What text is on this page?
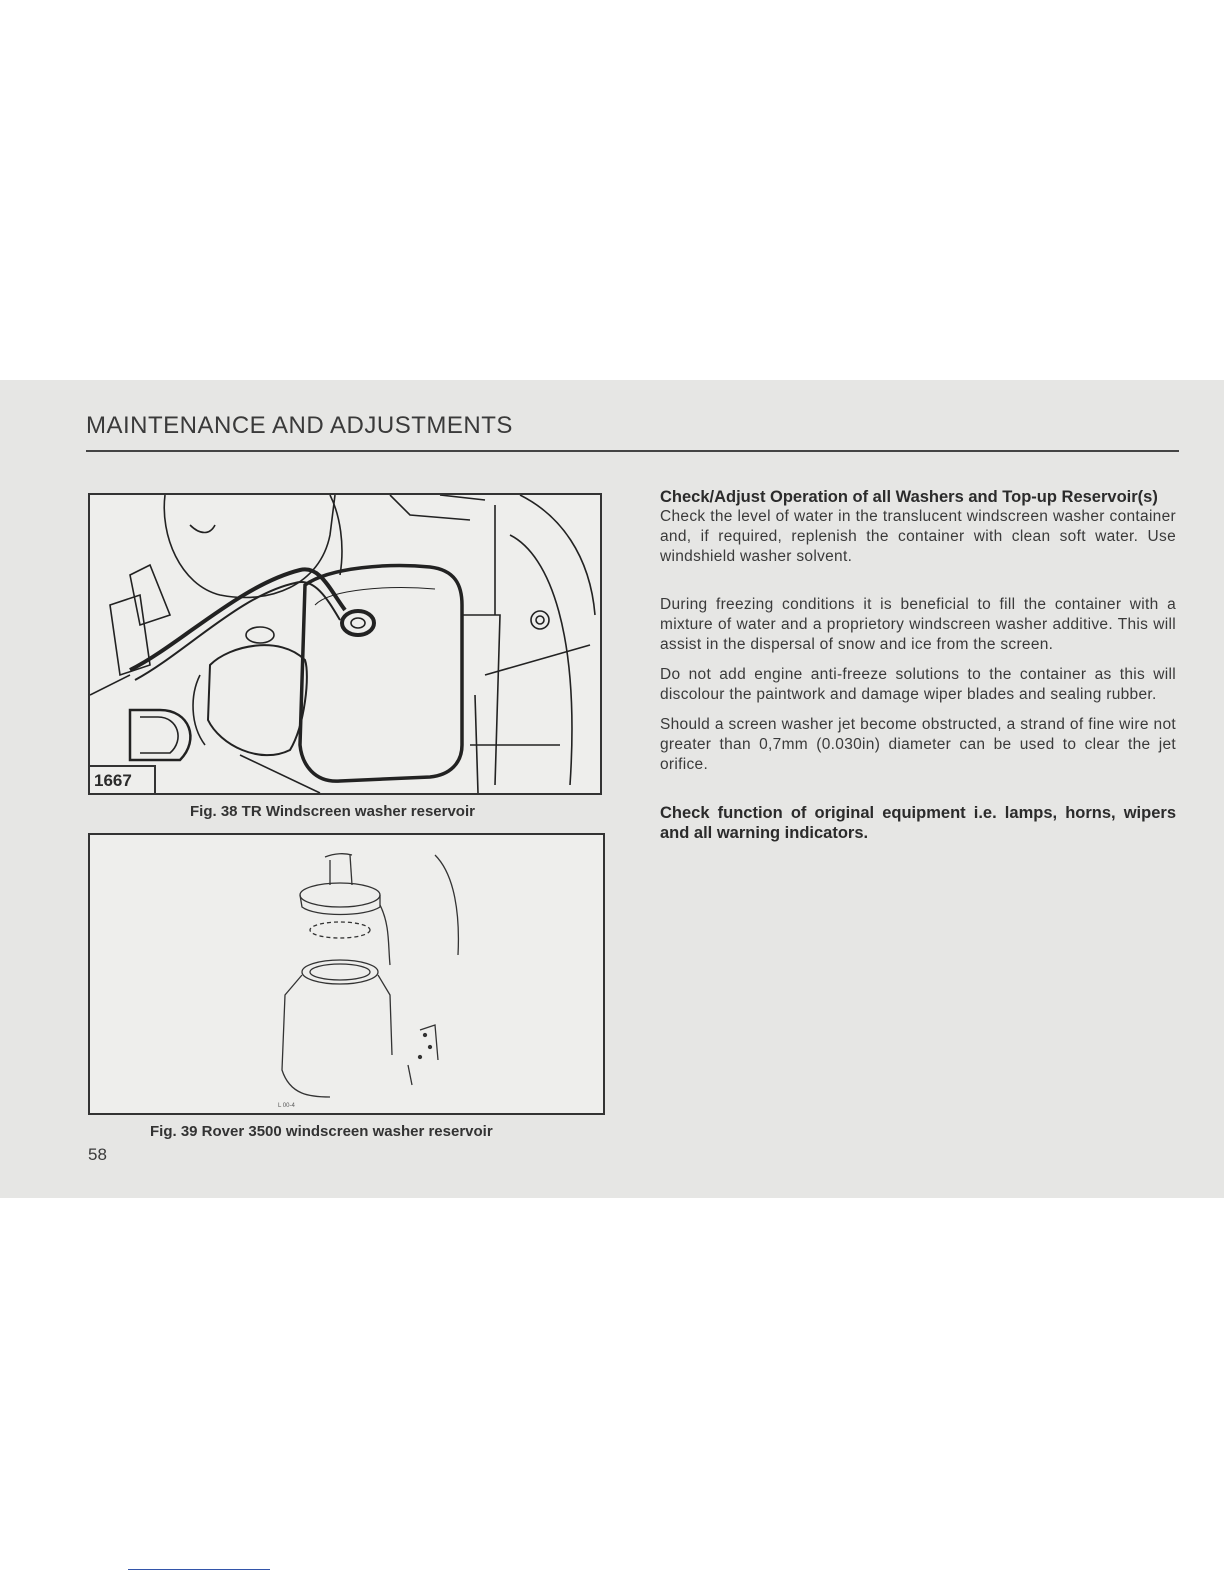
MAINTENANCE AND ADJUSTMENTS
1667

Fig. 38 TR Windscreen washer reservoir

L 00-4

Fig. 39 Rover 3500 windscreen washer reservoir

58
Check/Adjust Operation of all Washers and Top-up Reservoir(s)

Check the level of water in the translucent windscreen washer container and, if required, replenish the container with clean soft water. Use windshield washer solvent.

During freezing conditions it is beneficial to fill the container with a mixture of water and a proprietory windscreen washer additive. This will assist in the dispersal of snow and ice from the screen.

Do not add engine anti-freeze solutions to the container as this will discolour the paintwork and damage wiper blades and sealing rubber.

Should a screen washer jet become obstructed, a strand of fine wire not greater than 0,7mm (0.030in) diameter can be used to clear the jet orifice.

Check function of original equipment i.e. lamps, horns, wipers and all warning indicators.
